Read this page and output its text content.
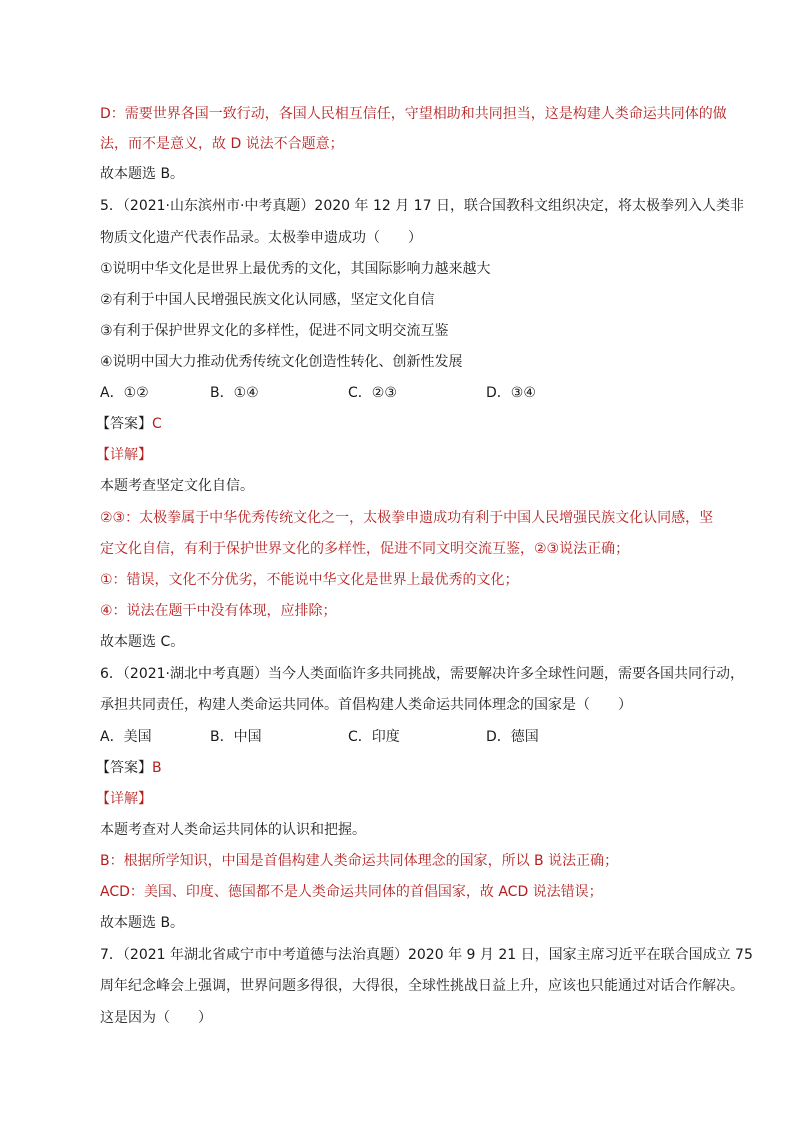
D：需要世界各国一致行动，各国人民相互信任，守望相助和共同担当，这是构建人类命运共同体的做
法，而不是意义，故 D 说法不合题意；
故本题选 B。
5．（2021·山东滨州市·中考真题）2020 年 12 月 17 日，联合国教科文组织决定，将太极拳列入人类非
物质文化遗产代表作品录。太极拳申遗成功（　　）
①说明中华文化是世界上最优秀的文化，其国际影响力越来越大
②有利于中国人民增强民族文化认同感，坚定文化自信
③有利于保护世界文化的多样性，促进不同文明交流互鉴
④说明中国大力推动优秀传统文化创造性转化、创新性发展
A．①②	B．①④	C．②③	D．③④
【答案】C
【详解】
本题考查坚定文化自信。
②③：太极拳属于中华优秀传统文化之一，太极拳申遗成功有利于中国人民增强民族文化认同感，坚
定文化自信，有利于保护世界文化的多样性，促进不同文明交流互鉴，②③说法正确；
①：错误，文化不分优劣，不能说中华文化是世界上最优秀的文化；
④：说法在题干中没有体现，应排除；
故本题选 C。
6．（2021·湖北中考真题）当今人类面临许多共同挑战，需要解决许多全球性问题，需要各国共同行动，
承担共同责任，构建人类命运共同体。首倡构建人类命运共同体理念的国家是（　　）
A．美国	B．中国	C．印度	D．德国
【答案】B
【详解】
本题考查对人类命运共同体的认识和把握。
B：根据所学知识，中国是首倡构建人类命运共同体理念的国家，所以 B 说法正确；
ACD：美国、印度、德国都不是人类命运共同体的首倡国家，故 ACD 说法错误；
故本题选 B。
7．（2021 年湖北省咸宁市中考道德与法治真题）2020 年 9 月 21 日，国家主席习近平在联合国成立 75
周年纪念峰会上强调，世界问题多得很，大得很，全球性挑战日益上升，应该也只能通过对话合作解决。
这是因为（　　）
